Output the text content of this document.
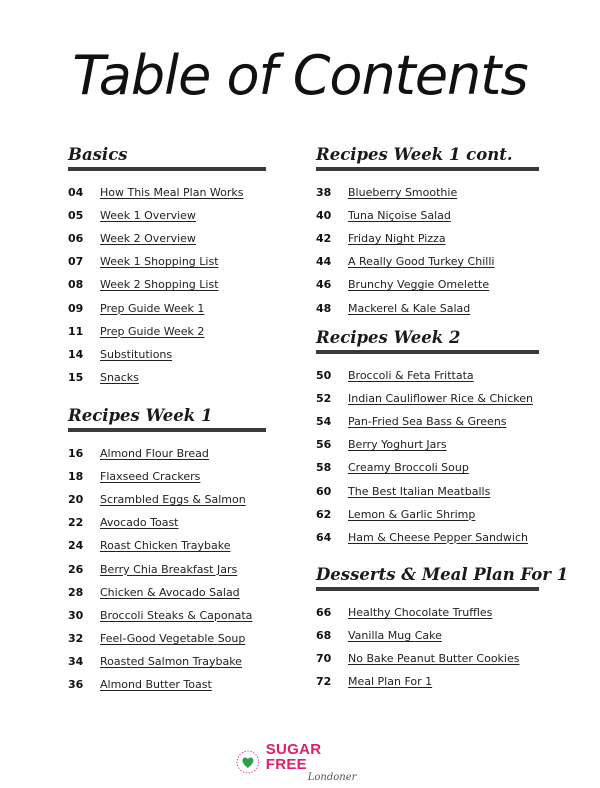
Table of Contents
Basics
04	How This Meal Plan Works
05	Week 1 Overview
06	Week 2 Overview
07	Week 1 Shopping List
08	Week 2 Shopping List
09	Prep Guide Week 1
11	Prep Guide Week 2
14	Substitutions
15	Snacks
Recipes Week 1
16	Almond Flour Bread
18	Flaxseed Crackers
20	Scrambled Eggs & Salmon
22	Avocado Toast
24	Roast Chicken Traybake
26	Berry Chia Breakfast Jars
28	Chicken & Avocado Salad
30	Broccoli Steaks & Caponata
32	Feel-Good Vegetable Soup
34	Roasted Salmon Traybake
36	Almond Butter Toast
Recipes Week 1 cont.
38	Blueberry Smoothie
40	Tuna Niçoise Salad
42	Friday Night Pizza
44	A Really Good Turkey Chilli
46	Brunchy Veggie Omelette
48	Mackerel & Kale Salad
Recipes Week 2
50	Broccoli & Feta Frittata
52	Indian Cauliflower Rice & Chicken
54	Pan-Fried Sea Bass & Greens
56	Berry Yoghurt Jars
58	Creamy Broccoli Soup
60	The Best Italian Meatballs
62	Lemon & Garlic Shrimp
64	Ham & Cheese Pepper Sandwich
Desserts & Meal Plan For 1
66	Healthy Chocolate Truffles
68	Vanilla Mug Cake
70	No Bake Peanut Butter Cookies
72	Meal Plan For 1
SUGAR FREE
Londoner
